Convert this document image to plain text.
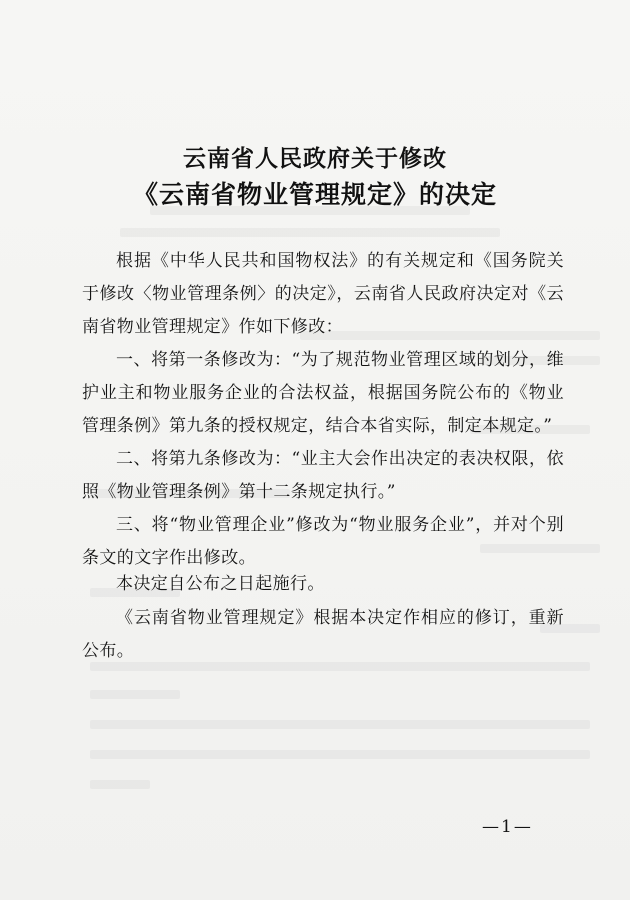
云南省人民政府关于修改
《云南省物业管理规定》的决定
根据《中华人民共和国物权法》的有关规定和《国务院关于修改〈物业管理条例〉的决定》，云南省人民政府决定对《云南省物业管理规定》作如下修改：
一、将第一条修改为：“为了规范物业管理区域的划分，维护业主和物业服务企业的合法权益，根据国务院公布的《物业管理条例》第九条的授权规定，结合本省实际，制定本规定。”
二、将第九条修改为：“业主大会作出决定的表决权限，依照《物业管理条例》第十二条规定执行。”
三、将“物业管理企业”修改为“物业服务企业”，并对个别条文的文字作出修改。
本决定自公布之日起施行。
《云南省物业管理规定》根据本决定作相应的修订，重新公布。
—1—
